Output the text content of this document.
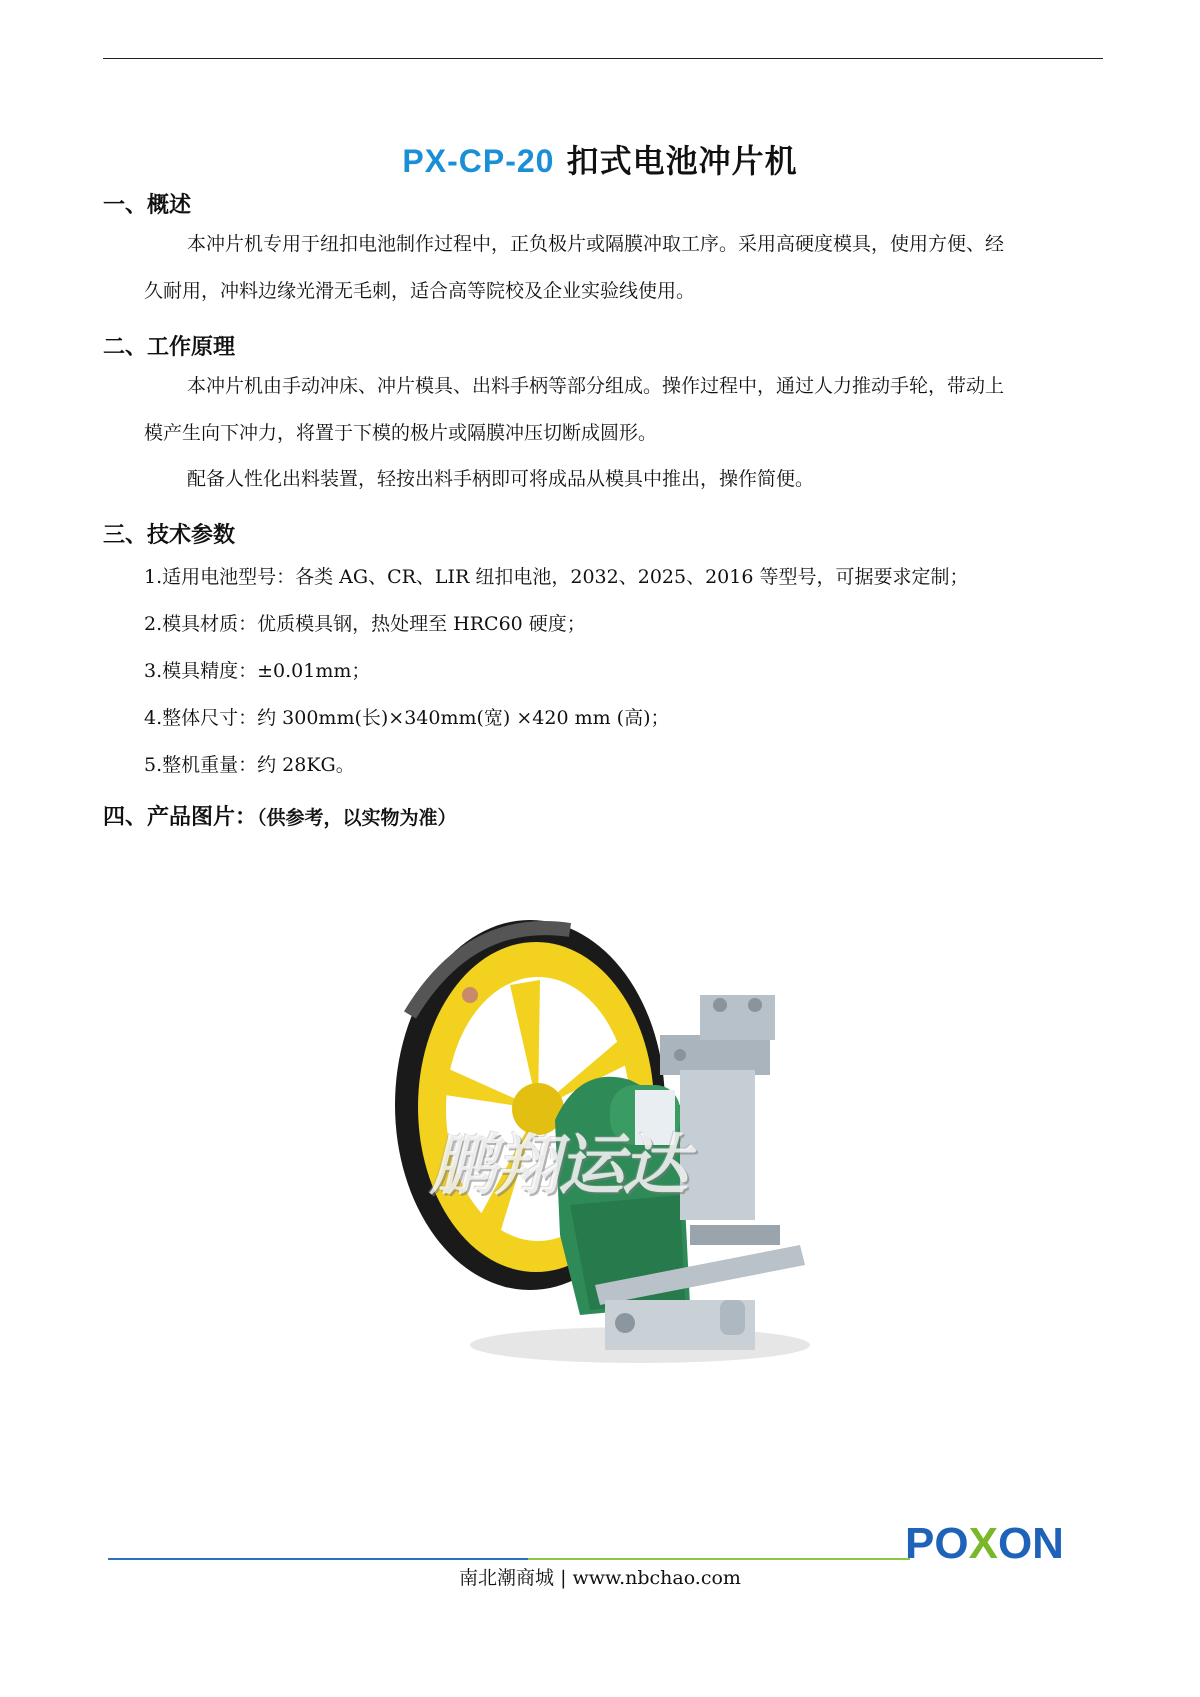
PX-CP-20 扣式电池冲片机
一、概述
本冲片机专用于纽扣电池制作过程中，正负极片或隔膜冲取工序。采用高硬度模具，使用方便、经
久耐用，冲料边缘光滑无毛刺，适合高等院校及企业实验线使用。
二、工作原理
本冲片机由手动冲床、冲片模具、出料手柄等部分组成。操作过程中，通过人力推动手轮，带动上
模产生向下冲力，将置于下模的极片或隔膜冲压切断成圆形。
配备人性化出料装置，轻按出料手柄即可将成品从模具中推出，操作简便。
三、技术参数
1.适用电池型号：各类 AG、CR、LIR 纽扣电池，2032、2025、2016 等型号，可据要求定制；
2.模具材质：优质模具钢，热处理至 HRC60 硬度；
3.模具精度：±0.01mm；
4.整体尺寸：约 300mm(长)×340mm(宽) ×420 mm (高)；
5.整机重量：约 28KG。
四、产品图片：（供参考，以实物为准）
鹏翔运达
POXON
南北潮商城 | www.nbchao.com
